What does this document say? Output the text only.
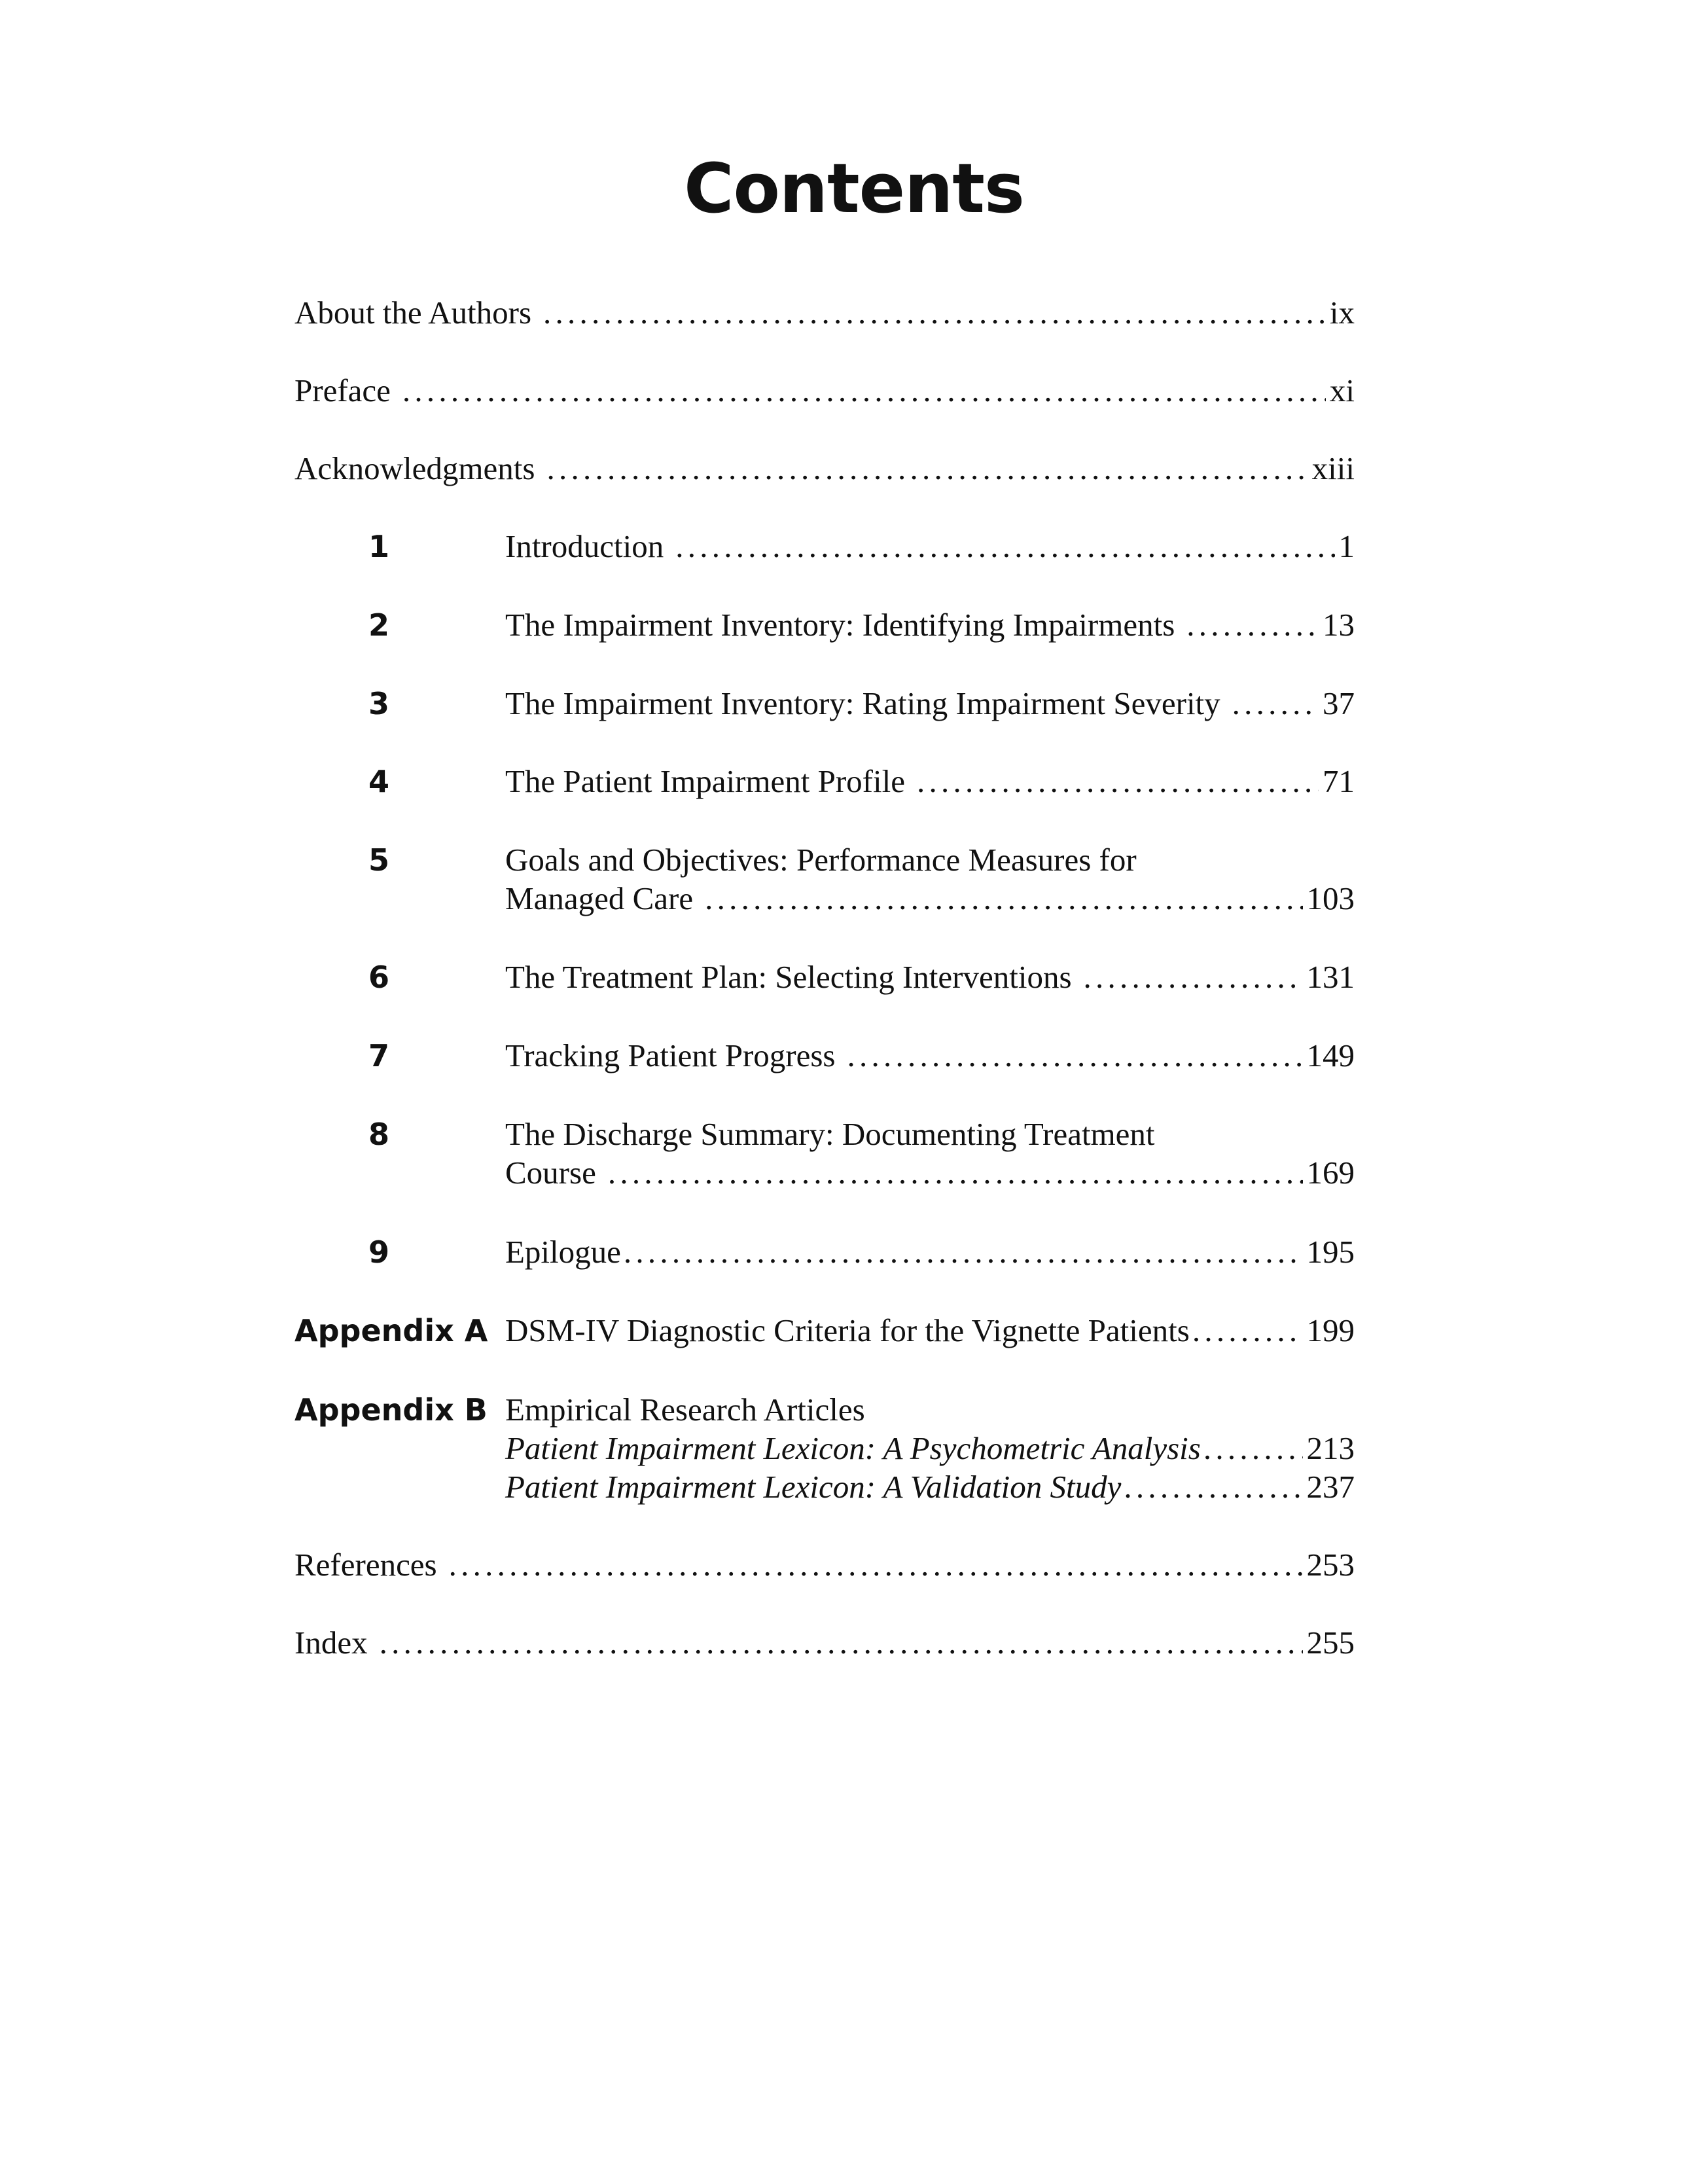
Contents
About the Authors . . .	ix
Preface . . .	xi
Acknowledgments . . .	xiii
1	Introduction . . .	1
2	The Impairment Inventory: Identifying Impairments . . .	13
3	The Impairment Inventory: Rating Impairment Severity . . .	37
4	The Patient Impairment Profile . . .	71
5	Goals and Objectives: Performance Measures for
Managed Care . . .	103
6	The Treatment Plan: Selecting Interventions . . .	131
7	Tracking Patient Progress . . .	149
8	The Discharge Summary: Documenting Treatment
Course . . .	169
9	Epilogue . . .	195
Appendix A DSM-IV Diagnostic Criteria for the Vignette Patients . . .	199
Appendix B Empirical Research Articles
Patient Impairment Lexicon: A Psychometric Analysis . . .	213
Patient Impairment Lexicon: A Validation Study . . .	237
References . . .	253
Index . . .	255
